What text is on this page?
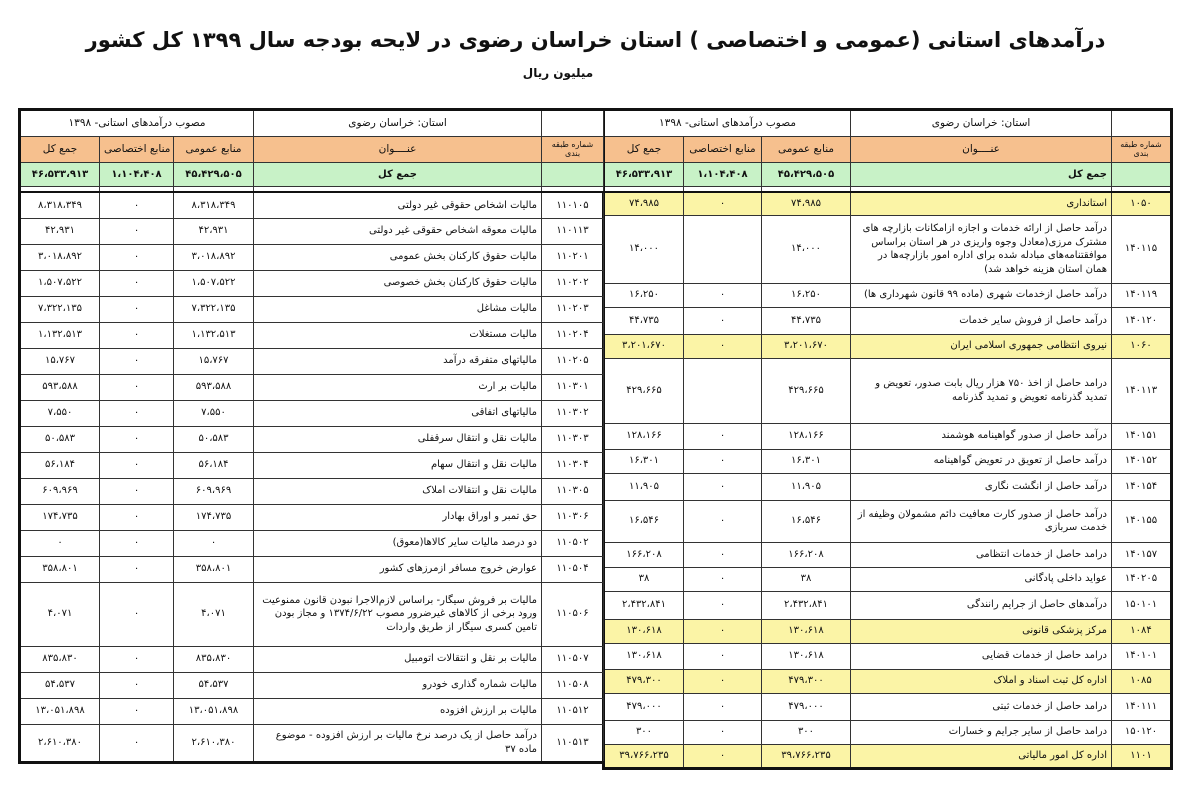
درآمدهای استانی (عمومی و اختصاصی ) استان خراسان رضوی در لایحه بودجه سال ۱۳۹۹ کل کشور
میلیون ریال
مصوب درآمدهای استانی- ۱۳۹۸			استان: خراسان رضوی	
جمع کل	منابع اختصاصی	منابع عمومی	عنــــوان	شماره طبقه بندی
۴۶،۵۳۳،۹۱۳	۱،۱۰۴،۴۰۸	۴۵،۴۲۹،۵۰۵	جمع کل	

۷۴،۹۸۵	۰	۷۴،۹۸۵	استانداری	۱۰۵۰
۱۴،۰۰۰		۱۴،۰۰۰	درآمد حاصل از ارائه خدمات و اجازه ازامکانات بازارچه های مشترک مرزی(معادل وجوه واریزی در هر استان براساس موافقتنامه‌های مبادله شده برای اداره امور بازارچه‌ها در همان استان هزینه خواهد شد)	۱۴۰۱۱۵
۱۶،۲۵۰	۰	۱۶،۲۵۰	درآمد حاصل ازخدمات شهری (ماده ۹۹ قانون شهرداری ها)	۱۴۰۱۱۹
۴۴،۷۳۵	۰	۴۴،۷۳۵	درآمد حاصل از فروش سایر خدمات	۱۴۰۱۲۰
۳،۲۰۱،۶۷۰	۰	۳،۲۰۱،۶۷۰	نیروی انتظامی جمهوری اسلامی ایران	۱۰۶۰
۴۲۹،۶۶۵		۴۲۹،۶۶۵	درامد حاصل از اخذ ۷۵۰ هزار ریال بابت صدور، تعویض و تمدید گذرنامه تعویض و تمدید گذرنامه	۱۴۰۱۱۳
۱۲۸،۱۶۶	۰	۱۲۸،۱۶۶	درآمد حاصل از صدور گواهینامه هوشمند	۱۴۰۱۵۱
۱۶،۳۰۱	۰	۱۶،۳۰۱	درآمد حاصل از تعویق در تعویض گواهینامه	۱۴۰۱۵۲
۱۱،۹۰۵	۰	۱۱،۹۰۵	درآمد حاصل از انگشت نگاری	۱۴۰۱۵۴
۱۶،۵۴۶	۰	۱۶،۵۴۶	درآمد حاصل از صدور کارت معافیت دائم مشمولان وظیفه از خدمت سربازی	۱۴۰۱۵۵
۱۶۶،۲۰۸	۰	۱۶۶،۲۰۸	درامد حاصل از خدمات انتظامی	۱۴۰۱۵۷
۳۸	۰	۳۸	عواید داخلی پادگانی	۱۴۰۲۰۵
۲،۴۳۲،۸۴۱	۰	۲،۴۳۲،۸۴۱	درآمدهای حاصل از جرایم رانندگی	۱۵۰۱۰۱
۱۳۰،۶۱۸	۰	۱۳۰،۶۱۸	مرکز پزشکی قانونی	۱۰۸۴
۱۳۰،۶۱۸	۰	۱۳۰،۶۱۸	درامد حاصل از خدمات قضایی	۱۴۰۱۰۱
۴۷۹،۳۰۰	۰	۴۷۹،۳۰۰	اداره کل ثبت اسناد و املاک	۱۰۸۵
۴۷۹،۰۰۰	۰	۴۷۹،۰۰۰	درامد حاصل از خدمات ثبتی	۱۴۰۱۱۱
۳۰۰	۰	۳۰۰	درامد حاصل از سایر جرایم و خسارات	۱۵۰۱۲۰
۳۹،۷۶۶،۲۳۵	۰	۳۹،۷۶۶،۲۳۵	اداره کل امور مالیاتی	۱۱۰۱
مصوب درآمدهای استانی- ۱۳۹۸			استان: خراسان رضوی	
جمع کل	منابع اختصاصی	منابع عمومی	عنــــوان	شماره طبقه بندی
۴۶،۵۳۳،۹۱۳	۱،۱۰۴،۴۰۸	۴۵،۴۲۹،۵۰۵	جمع کل	

۸،۳۱۸،۳۴۹	۰	۸،۳۱۸،۳۴۹	مالیات اشخاص حقوقی غیر دولتی	۱۱۰۱۰۵
۴۲،۹۳۱	۰	۴۲،۹۳۱	مالیات معوقه اشخاص حقوقی غیر دولتی	۱۱۰۱۱۳
۳،۰۱۸،۸۹۲	۰	۳،۰۱۸،۸۹۲	مالیات حقوق کارکنان بخش عمومی	۱۱۰۲۰۱
۱،۵۰۷،۵۲۲	۰	۱،۵۰۷،۵۲۲	مالیات حقوق کارکنان بخش خصوصی	۱۱۰۲۰۲
۷،۳۲۲،۱۳۵	۰	۷،۳۲۲،۱۳۵	مالیات مشاغل	۱۱۰۲۰۳
۱،۱۳۲،۵۱۳	۰	۱،۱۳۲،۵۱۳	مالیات مستغلات	۱۱۰۲۰۴
۱۵،۷۶۷	۰	۱۵،۷۶۷	مالیاتهای متفرقه درآمد	۱۱۰۲۰۵
۵۹۳،۵۸۸	۰	۵۹۳،۵۸۸	مالیات بر ارث	۱۱۰۳۰۱
۷،۵۵۰	۰	۷،۵۵۰	مالیاتهای اتفاقی	۱۱۰۳۰۲
۵۰،۵۸۳	۰	۵۰،۵۸۳	مالیات نقل و انتقال سرقفلی	۱۱۰۳۰۳
۵۶،۱۸۴	۰	۵۶،۱۸۴	مالیات نقل و انتقال سهام	۱۱۰۳۰۴
۶۰۹،۹۶۹	۰	۶۰۹،۹۶۹	مالیات نقل و انتقالات املاک	۱۱۰۳۰۵
۱۷۴،۷۳۵	۰	۱۷۴،۷۳۵	حق تمبر و اوراق بهادار	۱۱۰۳۰۶
۰	۰	۰	دو درصد مالیات سایر کالاها(معوق)	۱۱۰۵۰۲
۳۵۸،۸۰۱	۰	۳۵۸،۸۰۱	عوارض خروج مسافر ازمرزهای کشور	۱۱۰۵۰۴
۴،۰۷۱	۰	۴،۰۷۱	مالیات بر فروش سیگار- براساس لازم‌الاجرا نبودن قانون ممنوعیت ورود برخی از کالاهای غیرضرور مصوب ۱۳۷۴/۶/۲۲ و مجاز بودن تامین کسری سیگار از طریق واردات	۱۱۰۵۰۶
۸۳۵،۸۳۰	۰	۸۳۵،۸۳۰	مالیات بر نقل و انتقالات اتومبیل	۱۱۰۵۰۷
۵۴،۵۳۷	۰	۵۴،۵۳۷	مالیات شماره گذاری خودرو	۱۱۰۵۰۸
۱۳،۰۵۱،۸۹۸	۰	۱۳،۰۵۱،۸۹۸	مالیات بر ارزش افزوده	۱۱۰۵۱۲
۲،۶۱۰،۳۸۰	۰	۲،۶۱۰،۳۸۰	درآمد حاصل از یک درصد نرخ مالیات بر ارزش افزوده - موضوع ماده ۳۷	۱۱۰۵۱۳
